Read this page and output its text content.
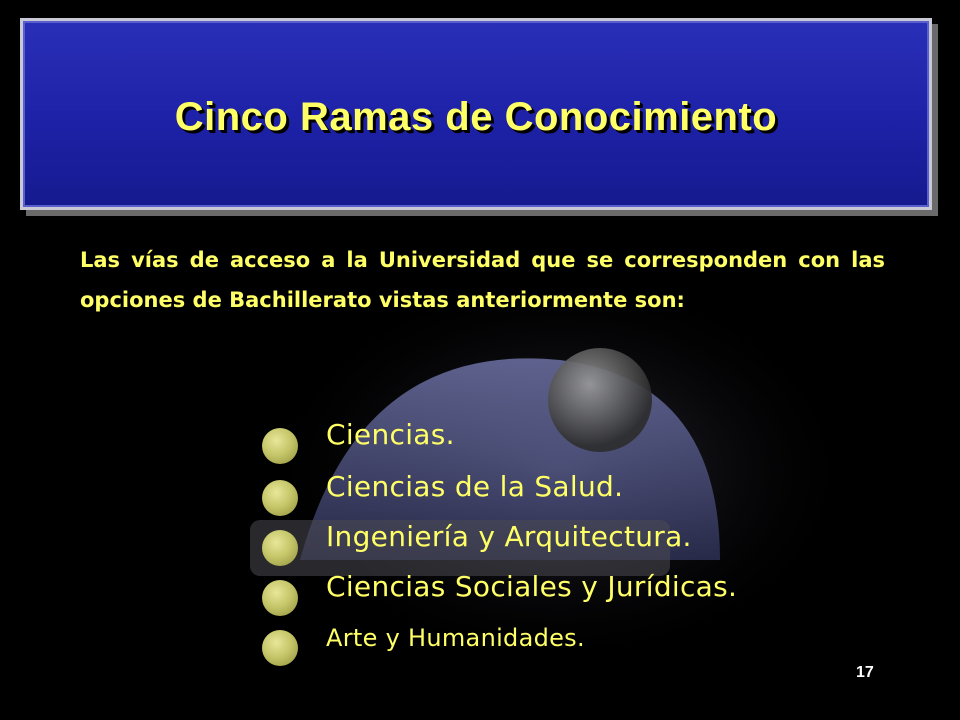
Cinco Ramas de Conocimiento
Las vías de acceso a la Universidad que se corresponden con las opciones de Bachillerato vistas anteriormente son:
Ciencias.
Ciencias de la Salud.
Ingeniería y Arquitectura.
Ciencias Sociales y Jurídicas.
Arte y Humanidades.
17
